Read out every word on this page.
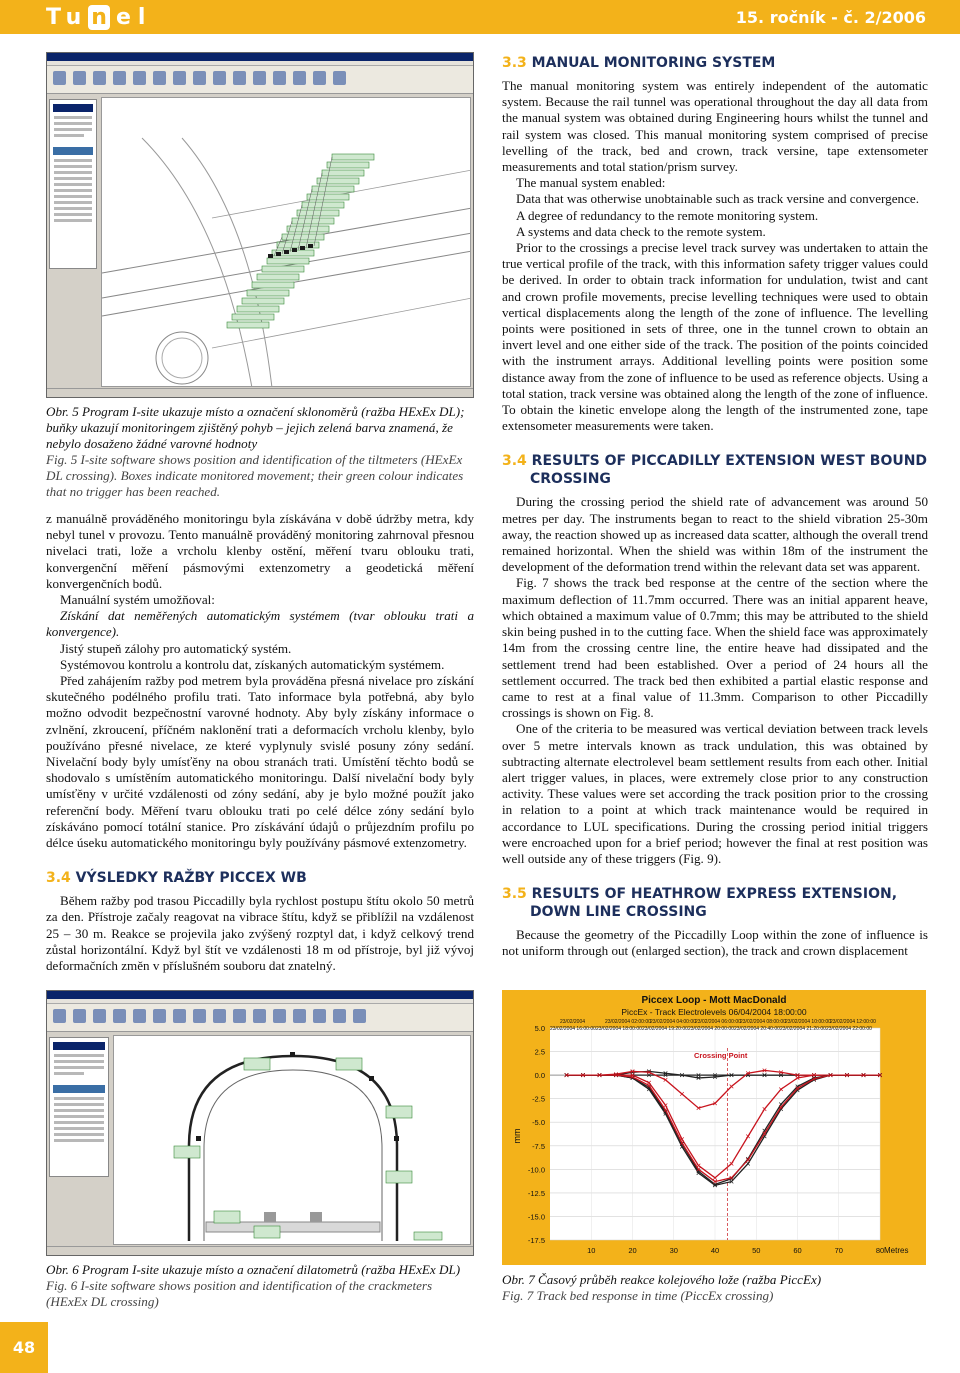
Tu n el	15. ročník - č. 2/2006

Obr. 5 Program I-site ukazuje místo a označení sklonoměrů (ražba HExEx DL); buňky ukazují monitoringem zjištěný pohyb – jejich zelená barva znamená, že nebylo dosaženo žádné varovné hodnoty

Fig. 5 I-site software shows position and identification of the tiltmeters (HExEx DL crossing). Boxes indicate monitored movement; their green colour indicates that no trigger has been reached.

z manuálně prováděného monitoringu byla získávána v době údržby metra, kdy nebyl tunel v provozu. Tento manuálně prováděný monitoring zahrnoval přesnou nivelaci trati, lože a vrcholu klenby ostění, měření tvaru oblouku trati, konvergenční měření pásmovými extenzometry a geodetická měření konvergenčních bodů.

Manuální systém umožňoval:

Získání dat neměřených automatickým systémem (tvar oblouku trati a konvergence).

Jistý stupeň zálohy pro automatický systém.

Systémovou kontrolu a kontrolu dat, získaných automatickým systémem.

Před zahájením ražby pod metrem byla prováděna přesná nivelace pro získání skutečného podélného profilu trati. Tato informace byla potřebná, aby bylo možno odvodit bezpečnostní varovné hodnoty. Aby byly získány informace o zvlnění, zkroucení, příčném naklonění trati a deformacích vrcholu klenby, bylo používáno přesné nivelace, ze které vyplynuly svislé posuny zóny sedání. Nivelační body byly umísťěny na obou stranách trati. Umístění těchto bodů se shodovalo s umístěním automatického monitoringu. Další nivelační body byly umísťěny v určité vzdálenosti od zóny sedání, aby je bylo možné použít jako referenční body. Měření tvaru oblouku trati po celé délce zóny sedání bylo získáváno pomocí totální stanice. Pro získávání údajů o průjezdním profilu po délce úseku automatického monitoringu byly používány pásmové extenzometry.

3.4 VÝSLEDKY RAŽBY PICCEX WB

Během ražby pod trasou Piccadilly byla rychlost postupu štítu okolo 50 metrů za den. Přístroje začaly reagovat na vibrace štítu, když se přiblížil na vzdálenost 25 – 30 m. Reakce se projevila jako zvýšený rozptyl dat, i když celkový trend zůstal horizontální. Když byl štít ve vzdálenosti 18 m od přístroje, byl již vývoj deformačních změn v příslušném souboru dat znatelný.

3.3 MANUAL MONITORING SYSTEM

The manual monitoring system was entirely independent of the automatic system. Because the rail tunnel was operational throughout the day all data from the manual system was obtained during Engineering hours whilst the tunnel and rail system was closed. This manual monitoring system comprised of precise levelling of the track, bed and crown, track versine, tape extensometer measurements and total station/prism survey.

The manual system enabled:

Data that was otherwise unobtainable such as track versine and convergence.

A degree of redundancy to the remote monitoring system.

A systems and data check to the remote system.

Prior to the crossings a precise level track survey was undertaken to attain the true vertical profile of the track, with this information safety trigger values could be derived. In order to obtain track information for undulation, twist and cant and crown profile movements, precise levelling techniques were used to obtain vertical displacements along the length of the zone of influence. The levelling points were positioned in sets of three, one in the tunnel crown to obtain an invert level and one either side of the track. The position of the points coincided with the instrument arrays. Additional levelling points were position some distance away from the zone of influence to be used as reference objects. Using a total station, track versine was obtained along the length of the zone of influence. To obtain the kinetic envelope along the length of the instrumented zone, tape extensometer measurements were taken.

3.4 RESULTS OF PICCADILLY EXTENSION WEST BOUND
CROSSING

During the crossing period the shield rate of advancement was around 50 metres per day. The instruments began to react to the shield vibration 25-30m away, the reaction showed up as increased data scatter, although the overall trend remained horizontal. When the shield was within 18m of the instrument the development of the deformation trend within the relevant data set was apparent.

Fig. 7 shows the track bed response at the centre of the section where the maximum deflection of 11.7mm occurred. There was an initial apparent heave, which obtained a maximum value of 0.7mm; this may be attributed to the shield skin being pushed in to the cutting face. When the shield face was approximately 14m from the crossing centre line, the entire heave had dissipated and the settlement trend had been established. Over a period of 24 hours all the settlement occurred. The track bed then exhibited a partial elastic response and came to rest at a final value of 11.3mm. Comparison to other Piccadilly crossings is shown on Fig. 8.

One of the criteria to be measured was vertical deviation between track levels over 5 metre intervals known as track undulation, this was obtained by subtracting alternate electrolevel beam settlement results from each other. Initial alert trigger values, in places, were extremely close prior to any construction activity. These values were set according the track position prior to the crossing in relation to a point at which track maintenance would be required in accordance to LUL specifications. During the crossing period initial triggers were encroached upon for a brief period; however the final at rest position was well outside any of these triggers (Fig. 9).

3.5 RESULTS OF HEATHROW EXPRESS EXTENSION,
DOWN LINE CROSSING

Because the geometry of the Piccadilly Loop within the zone of influence is not uniform through out (enlarged section), the track and crown displacement

Obr. 6 Program I-site ukazuje místo a označení dilatometrů (ražba HExEx DL)

Fig. 6 I-site software shows position and identification of the crackmeters (HExEx DL crossing)

5.0
2.5
0.0
-2.5
-5.0
-7.5
-10.0
-12.5
-15.0
-17.5
10	20	30	40	50	60	70	80
Piccex Loop - Mott MacDonald
PiccEx - Track Electrolevels 06/04/2004 18:00:00
23/02/2004	23/02/2004 02:00:00 23/02/2004 04:00:00 23/02/2004 06:00:00 23/02/2004 08:00:00 23/02/2004 10:00:00 23/02/2004 12:00:00
23/02/2004 16:00:00 23/02/2004 18:00:00 23/02/2004 19:20:00 23/02/2004 20:00:00 23/02/2004 20:40:00 23/02/2004 21:20:00 23/02/2004 22:00:00
mm
Metres
Crossing Point

Obr. 7 Časový průběh reakce kolejového lože (ražba PiccEx)

Fig. 7 Track bed response in time (PiccEx crossing)

48
